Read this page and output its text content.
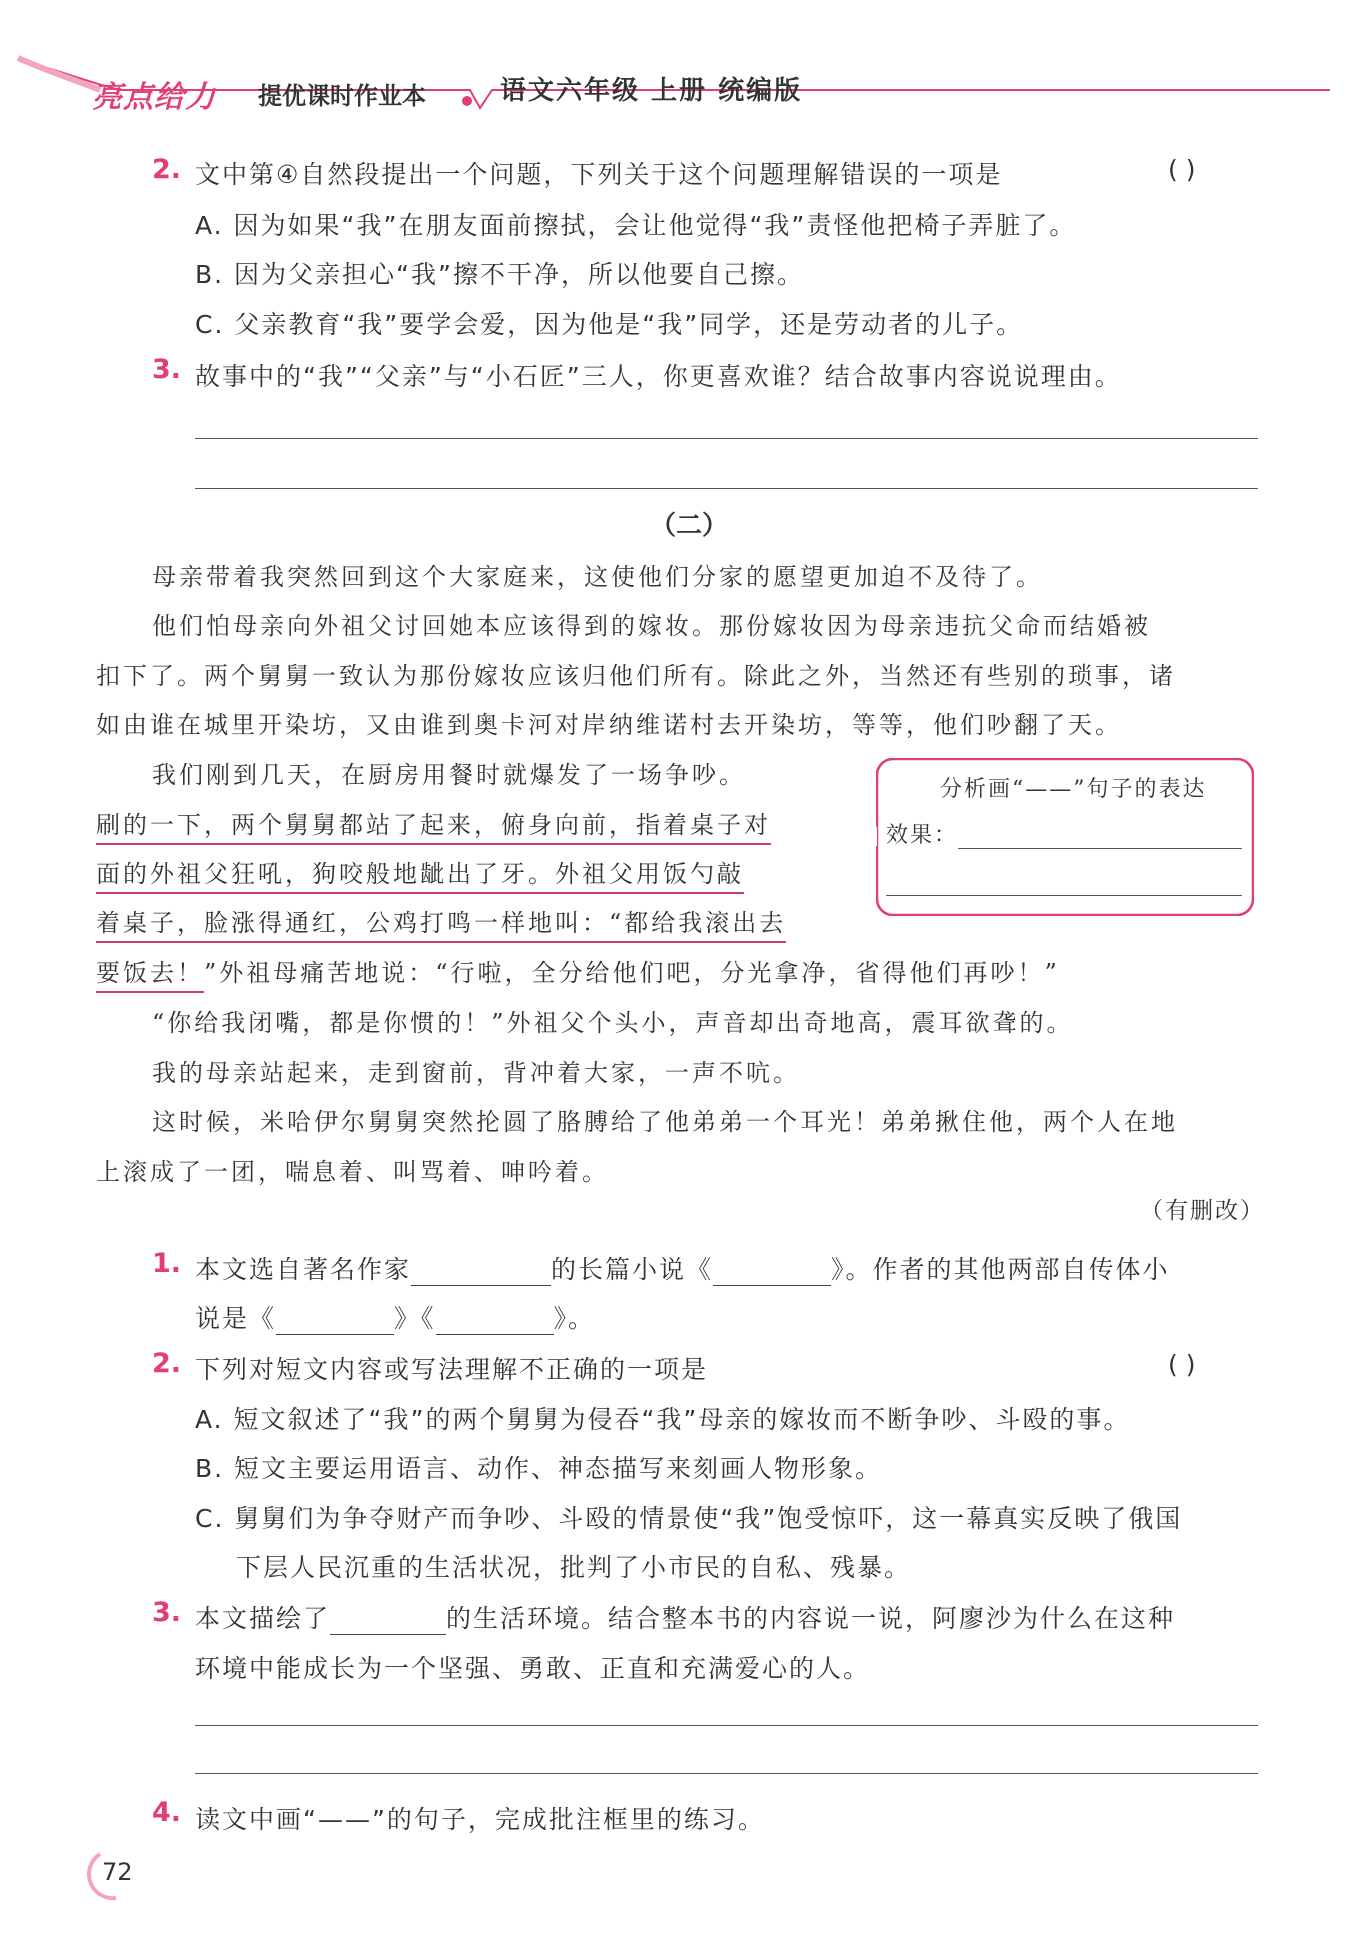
亮点给力 提优课时作业本	语文六年级 上册 统编版
2. 文中第④自然段提出一个问题，下列关于这个问题理解错误的一项是	( )
A. 因为如果“我”在朋友面前擦拭，会让他觉得“我”责怪他把椅子弄脏了。
B. 因为父亲担心“我”擦不干净，所以他要自己擦。
C. 父亲教育“我”要学会爱，因为他是“我”同学，还是劳动者的儿子。
3. 故事中的“我”“父亲”与“小石匠”三人，你更喜欢谁？结合故事内容说说理由。
（二）
母亲带着我突然回到这个大家庭来，这使他们分家的愿望更加迫不及待了。
他们怕母亲向外祖父讨回她本应该得到的嫁妆。那份嫁妆因为母亲违抗父命而结婚被
扣下了。两个舅舅一致认为那份嫁妆应该归他们所有。除此之外，当然还有些别的琐事，诸
如由谁在城里开染坊，又由谁到奥卡河对岸纳维诺村去开染坊，等等，他们吵翻了天。
我们刚到几天，在厨房用餐时就爆发了一场争吵。
刷的一下，两个舅舅都站了起来，俯身向前，指着桌子对
面的外祖父狂吼，狗咬般地龇出了牙。外祖父用饭勺敲
着桌子，脸涨得通红，公鸡打鸣一样地叫：“都给我滚出去
要饭去！”外祖母痛苦地说：“行啦，全分给他们吧，分光拿净，省得他们再吵！”
“你给我闭嘴，都是你惯的！”外祖父个头小，声音却出奇地高，震耳欲聋的。
我的母亲站起来，走到窗前，背冲着大家，一声不吭。
这时候，米哈伊尔舅舅突然抡圆了胳膊给了他弟弟一个耳光！弟弟揪住他，两个人在地
上滚成了一团，喘息着、叫骂着、呻吟着。
（有删改）
分析画“——”句子的表达
效果：
1. 本文选自著名作家	的长篇小说《	》。作者的其他两部自传体小
说是《	》《	》。
2. 下列对短文内容或写法理解不正确的一项是	( )
A. 短文叙述了“我”的两个舅舅为侵吞“我”母亲的嫁妆而不断争吵、斗殴的事。
B. 短文主要运用语言、动作、神态描写来刻画人物形象。
C. 舅舅们为争夺财产而争吵、斗殴的情景使“我”饱受惊吓，这一幕真实反映了俄国
下层人民沉重的生活状况，批判了小市民的自私、残暴。
3. 本文描绘了	的生活环境。结合整本书的内容说一说，阿廖沙为什么在这种
环境中能成长为一个坚强、勇敢、正直和充满爱心的人。
4. 读文中画“——”的句子，完成批注框里的练习。
72
